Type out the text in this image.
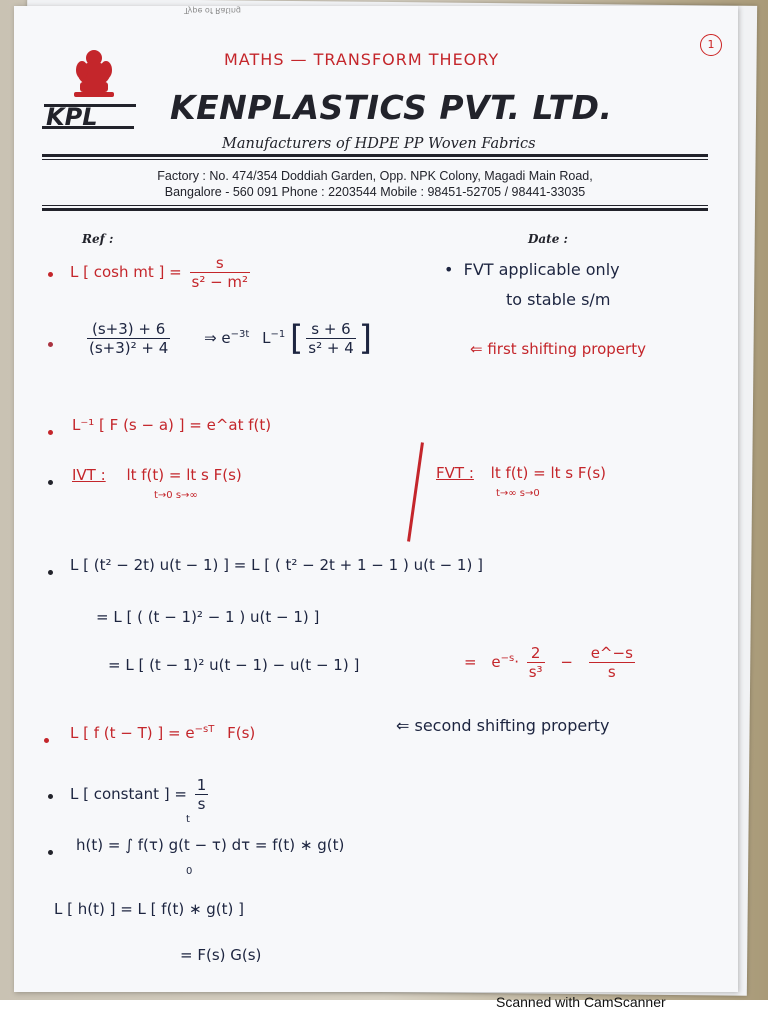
Type of Rating
1
MATHS — TRANSFORM THEORY
KPL KENPLASTICS PVT. LTD.
Manufacturers of HDPE PP Woven Fabrics
Factory : No. 474/354 Doddiah Garden, Opp. NPK Colony, Magadi Main Road,
Bangalore - 560 091 Phone : 2203544 Mobile : 98451-52705 / 98441-33035
Ref :	Date :
L [ cosh mt ] = $\frac{s}{\text{s² − m²}}$	•  FVT applicable only
to stable s/m
$\frac{(s+3) + 6}{\text{(s+3)² + 4}}$ ⇒ $e^{-3t}$ $L^{-1}$ [ $\frac{s + 6}{\text{s² + 4}}$ ]	⇐ first shifting property
L⁻¹ [ F (s − a) ] = e^at f(t)
IVT : lt f(t) = lt s F(s)
t→0 s→∞
FVT : lt f(t) = lt s F(s)
t→∞ s→0
L [ (t² − 2t) u(t − 1) ] = L [ ( t² − 2t + 1 − 1 ) u(t − 1) ]
= L [ ( (t − 1)² − 1 ) u(t − 1) ]
= L [ (t − 1)² u(t − 1) − u(t − 1) ]	= $e^{-s}\cdot \frac{2}{\text{s³}} - \frac{e\^{}-s}{s}$
L [ f (t − T) ] = $e^{-sT}$ F(s)	⇐ second shifting property
L [ constant ] = $\frac{1}{s}$
t
h(t) = ∫ f(τ) g(t − τ) dτ = f(t) ∗ g(t)
0
L [ h(t) ] = L [ f(t) ∗ g(t) ]
= F(s) G(s)
Scanned with CamScanner
